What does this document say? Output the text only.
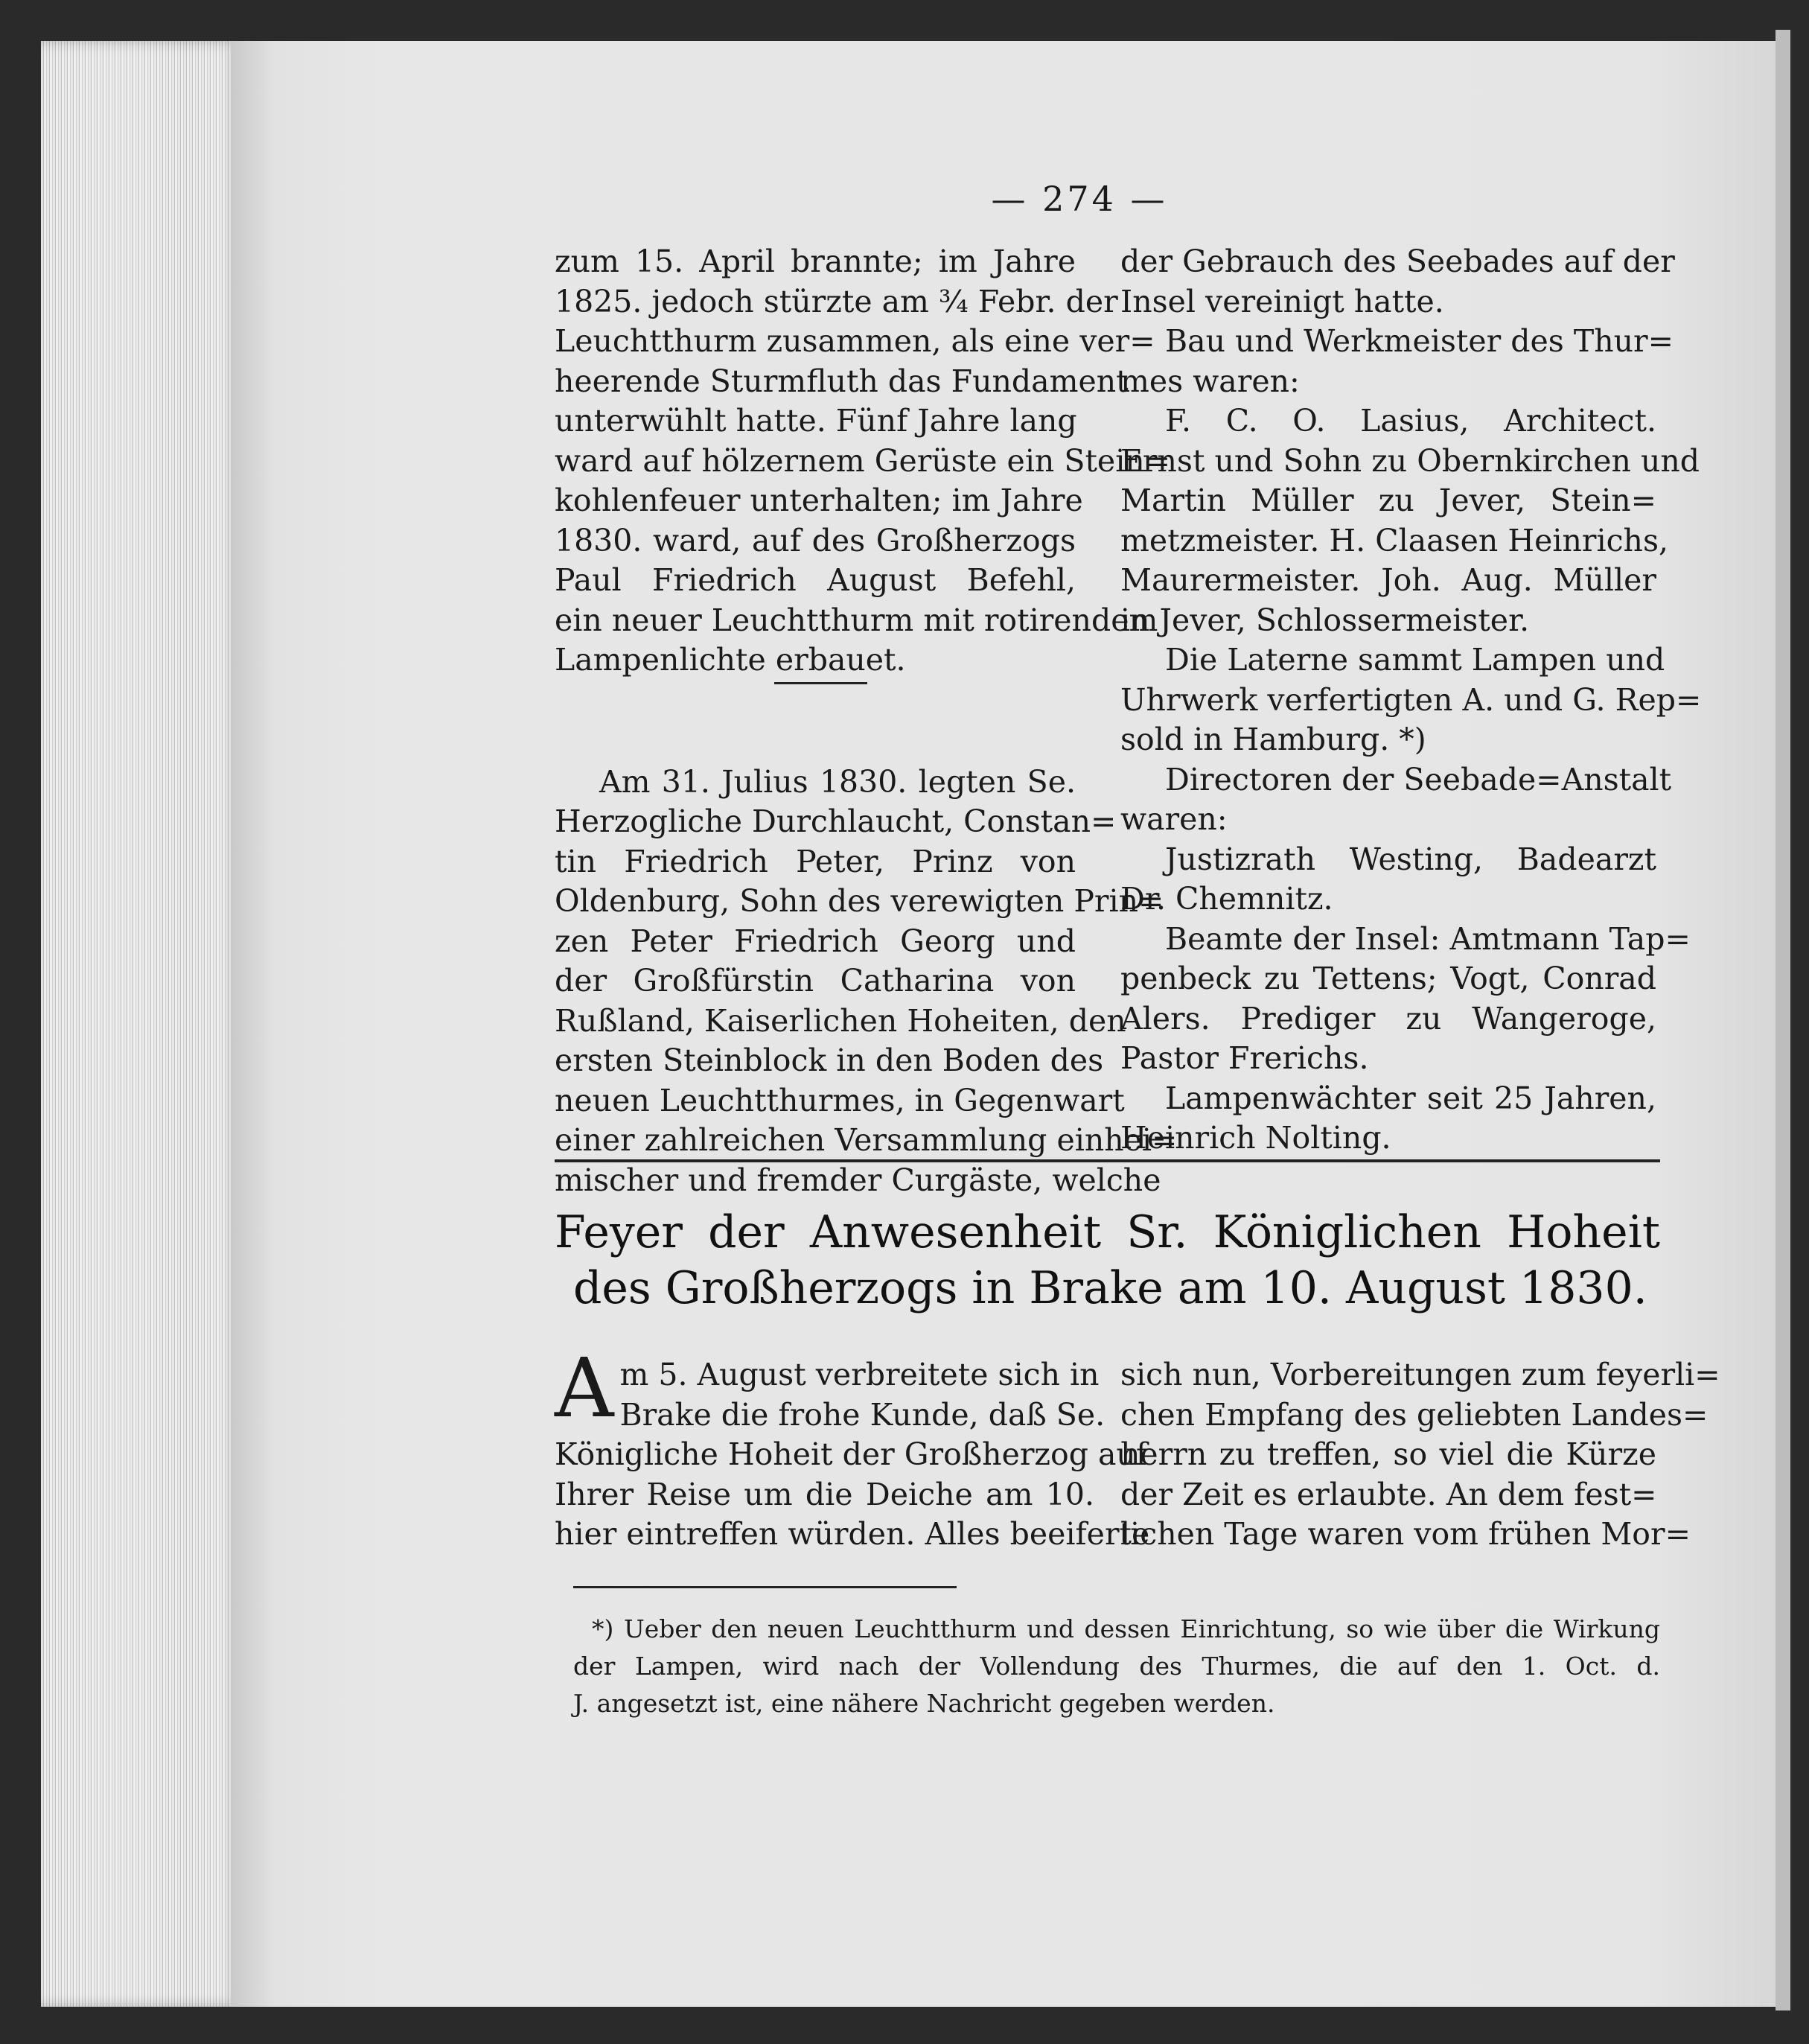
— 274 —
zum 15. April brannte; im Jahre
1825. jedoch stürzte am ¾ Febr. der
Leuchtthurm zusammen, als eine ver=
heerende Sturmfluth das Fundament
unterwühlt hatte. Fünf Jahre lang
ward auf hölzernem Gerüste ein Stein=
kohlenfeuer unterhalten; im Jahre
1830. ward, auf des Großherzogs
Paul Friedrich August Befehl,
ein neuer Leuchtthurm mit rotirendem
Lampenlichte erbauet.
Am 31. Julius 1830. legten Se.
Herzogliche Durchlaucht, Constan=
tin Friedrich Peter, Prinz von
Oldenburg, Sohn des verewigten Prin=
zen Peter Friedrich Georg und
der Großfürstin Catharina von
Rußland, Kaiserlichen Hoheiten, den
ersten Steinblock in den Boden des
neuen Leuchtthurmes, in Gegenwart
einer zahlreichen Versammlung einhei=
mischer und fremder Curgäste, welche
der Gebrauch des Seebades auf der
Insel vereinigt hatte.
Bau und Werkmeister des Thur=
mes waren:
F. C. O. Lasius, Architect.
Ernst und Sohn zu Obernkirchen und
Martin Müller zu Jever, Stein=
metzmeister. H. Claasen Heinrichs,
Maurermeister. Joh. Aug. Müller
in Jever, Schlossermeister.
Die Laterne sammt Lampen und
Uhrwerk verfertigten A. und G. Rep=
sold in Hamburg. *)
Directoren der Seebade=Anstalt
waren:
Justizrath Westing, Badearzt
Dr. Chemnitz.
Beamte der Insel: Amtmann Tap=
penbeck zu Tettens; Vogt, Conrad
Alers. Prediger zu Wangeroge,
Pastor Frerichs.
Lampenwächter seit 25 Jahren,
Heinrich Nolting.
Feyer der Anwesenheit Sr. Königlichen Hoheit
des Großherzogs in Brake am 10. August 1830.
A m 5. August verbreitete sich in
Brake die frohe Kunde, daß Se.
Königliche Hoheit der Großherzog auf
Ihrer Reise um die Deiche am 10.
hier eintreffen würden. Alles beeiferte
sich nun, Vorbereitungen zum feyerli=
chen Empfang des geliebten Landes=
herrn zu treffen, so viel die Kürze
der Zeit es erlaubte. An dem fest=
lichen Tage waren vom frühen Mor=
*) Ueber den neuen Leuchtthurm und dessen Einrichtung, so wie über die Wirkung
der Lampen, wird nach der Vollendung des Thurmes, die auf den 1. Oct. d.
J. angesetzt ist, eine nähere Nachricht gegeben werden.
